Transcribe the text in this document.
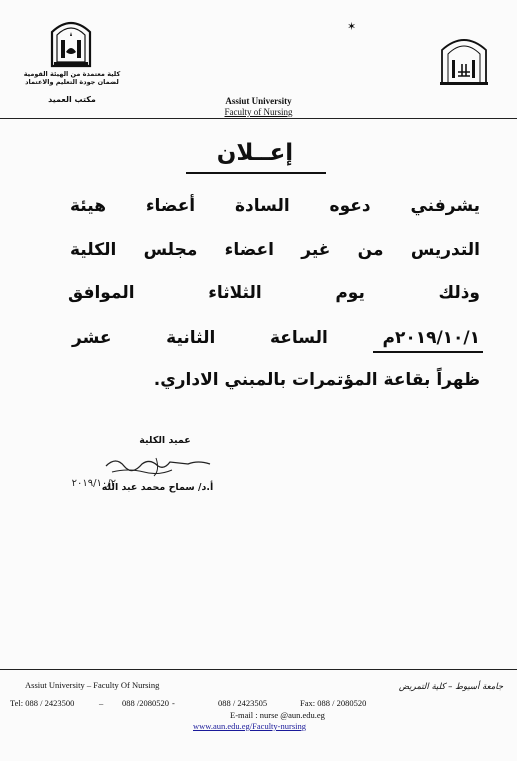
كلية معتمدة من الهيئة القومية لضمان جودة التعليم والاعتماد
مكتب العميد
✶
Assiut University
Faculty of Nursing
إعــلان
يشرفني دعوه السادة أعضاء هيئة
التدريس من غير اعضاء مجلس الكلية
وذلك يوم الثلاثاء الموافق
٢٠١٩/١٠/١م الساعة الثانية عشر
ظهراً بقاعة المؤتمرات بالمبني الاداري.
عميد الكلية
٢٠١٩/١٠/٢
أ.د/ سماح محمد عبد الله
Assiut University – Faculty Of Nursing
Tel: 088 / 2423500	– 088 /2080520 -	088 / 2423505	Fax: 088 / 2080520
E-mail : nurse @aun.edu.eg
www.aun.edu.eg/Faculty-nursing
جامعة أسيوط – كلية التمريض
